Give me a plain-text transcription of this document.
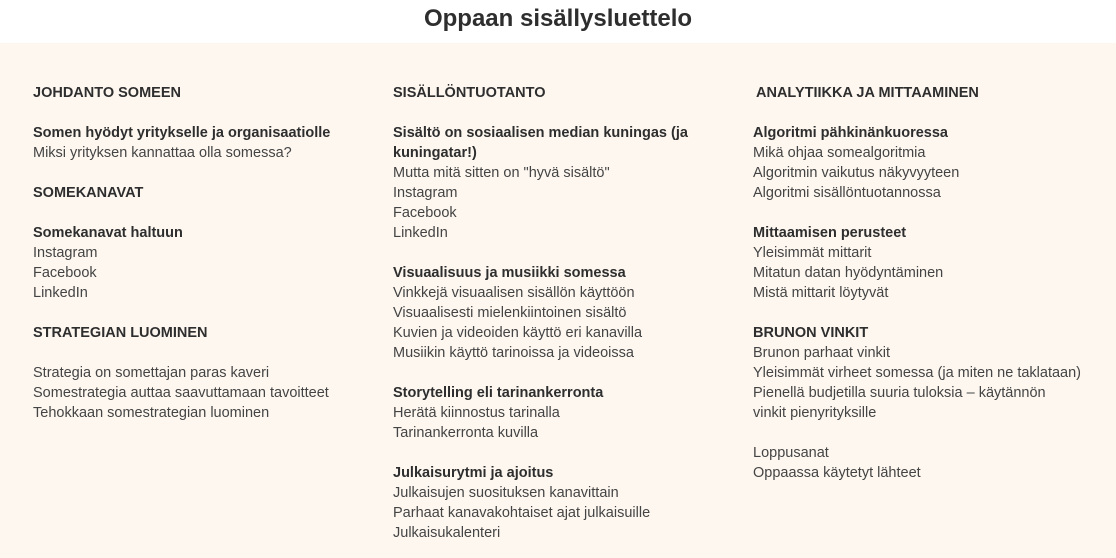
Oppaan sisällysluettelo
JOHDANTO SOMEEN
Somen hyödyt yritykselle ja organisaatiolle
Miksi yrityksen kannattaa olla somessa?
SOMEKANAVAT
Somekanavat haltuun
Instagram
Facebook
LinkedIn
STRATEGIAN LUOMINEN
Strategia on somettajan paras kaveri
Somestrategia auttaa saavuttamaan tavoitteet
Tehokkaan somestrategian luominen
SISÄLLÖNTUOTANTO
Sisältö on sosiaalisen median kuningas (ja
kuningatar!)
Mutta mitä sitten on "hyvä sisältö"
Instagram
Facebook
LinkedIn
Visuaalisuus ja musiikki somessa
Vinkkejä visuaalisen sisällön käyttöön
Visuaalisesti mielenkiintoinen sisältö
Kuvien ja videoiden käyttö eri kanavilla
Musiikin käyttö tarinoissa ja videoissa
Storytelling eli tarinankerronta
Herätä kiinnostus tarinalla
Tarinankerronta kuvilla
Julkaisurytmi ja ajoitus
Julkaisujen suosituksen kanavittain
Parhaat kanavakohtaiset ajat julkaisuille
Julkaisukalenteri
ANALYTIIKKA JA MITTAAMINEN
Algoritmi pähkinänkuoressa
Mikä ohjaa somealgoritmia
Algoritmin vaikutus näkyvyyteen
Algoritmi sisällöntuotannossa
Mittaamisen perusteet
Yleisimmät mittarit
Mitatun datan hyödyntäminen
Mistä mittarit löytyvät
BRUNON VINKIT
Brunon parhaat vinkit
Yleisimmät virheet somessa (ja miten ne taklataan)
Pienellä budjetilla suuria tuloksia – käytännön
vinkit pienyrityksille
Loppusanat
Oppaassa käytetyt lähteet
